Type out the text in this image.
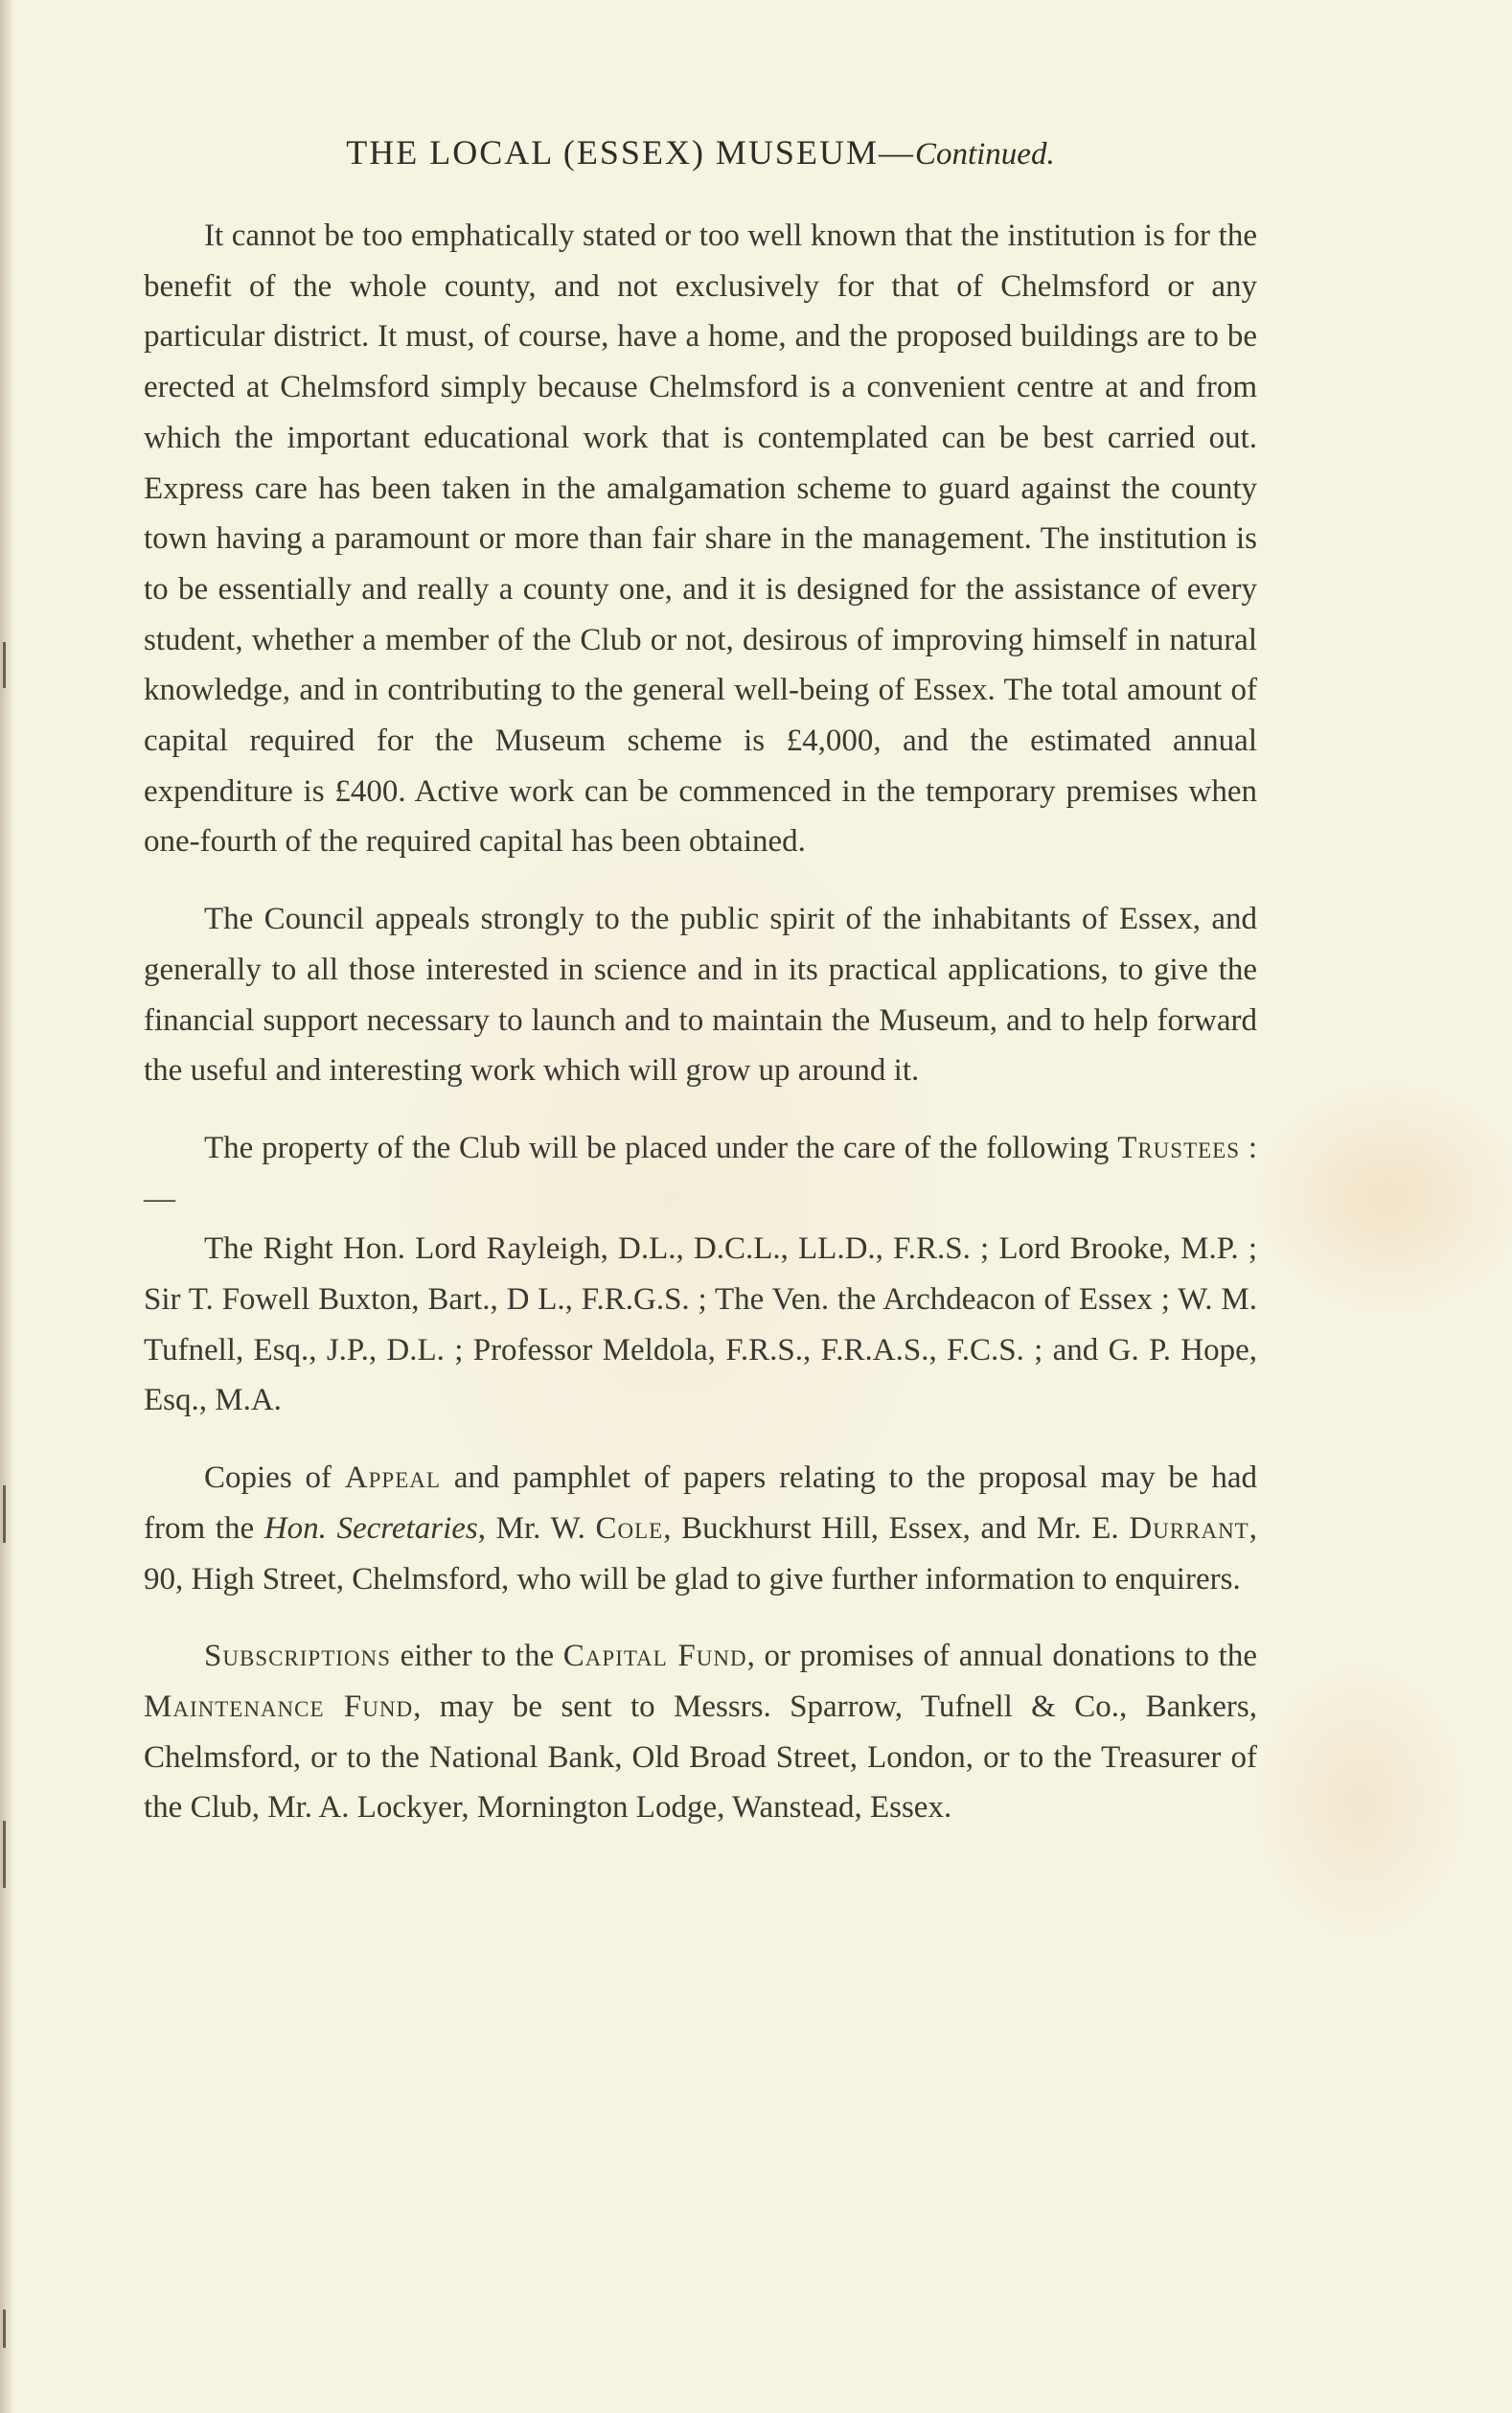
THE LOCAL (ESSEX) MUSEUM—Continued.

It cannot be too emphatically stated or too well known that the institution is for the benefit of the whole county, and not exclusively for that of Chelmsford or any particular district. It must, of course, have a home, and the proposed buildings are to be erected at Chelmsford simply because Chelmsford is a convenient centre at and from which the important educational work that is contemplated can be best carried out. Express care has been taken in the amalgamation scheme to guard against the county town having a paramount or more than fair share in the management. The institution is to be essentially and really a county one, and it is designed for the assistance of every student, whether a member of the Club or not, desirous of improving himself in natural knowledge, and in contributing to the general well-being of Essex. The total amount of capital required for the Museum scheme is £4,000, and the estimated annual expenditure is £400. Active work can be commenced in the temporary premises when one-fourth of the required capital has been obtained.

The Council appeals strongly to the public spirit of the inhabitants of Essex, and generally to all those interested in science and in its practical applications, to give the financial support necessary to launch and to maintain the Museum, and to help forward the useful and interesting work which will grow up around it.

The property of the Club will be placed under the care of the following Trustees :—

The Right Hon. Lord Rayleigh, D.L., D.C.L., LL.D., F.R.S. ; Lord Brooke, M.P. ; Sir T. Fowell Buxton, Bart., D L., F.R.G.S. ; The Ven. the Archdeacon of Essex ; W. M. Tufnell, Esq., J.P., D.L. ; Professor Meldola, F.R.S., F.R.A.S., F.C.S. ; and G. P. Hope, Esq., M.A.

Copies of Appeal and pamphlet of papers relating to the proposal may be had from the Hon. Secretaries, Mr. W. Cole, Buckhurst Hill, Essex, and Mr. E. Durrant, 90, High Street, Chelmsford, who will be glad to give further information to enquirers.

Subscriptions either to the Capital Fund, or promises of annual donations to the Maintenance Fund, may be sent to Messrs. Sparrow, Tufnell & Co., Bankers, Chelmsford, or to the National Bank, Old Broad Street, London, or to the Treasurer of the Club, Mr. A. Lockyer, Mornington Lodge, Wanstead, Essex.
